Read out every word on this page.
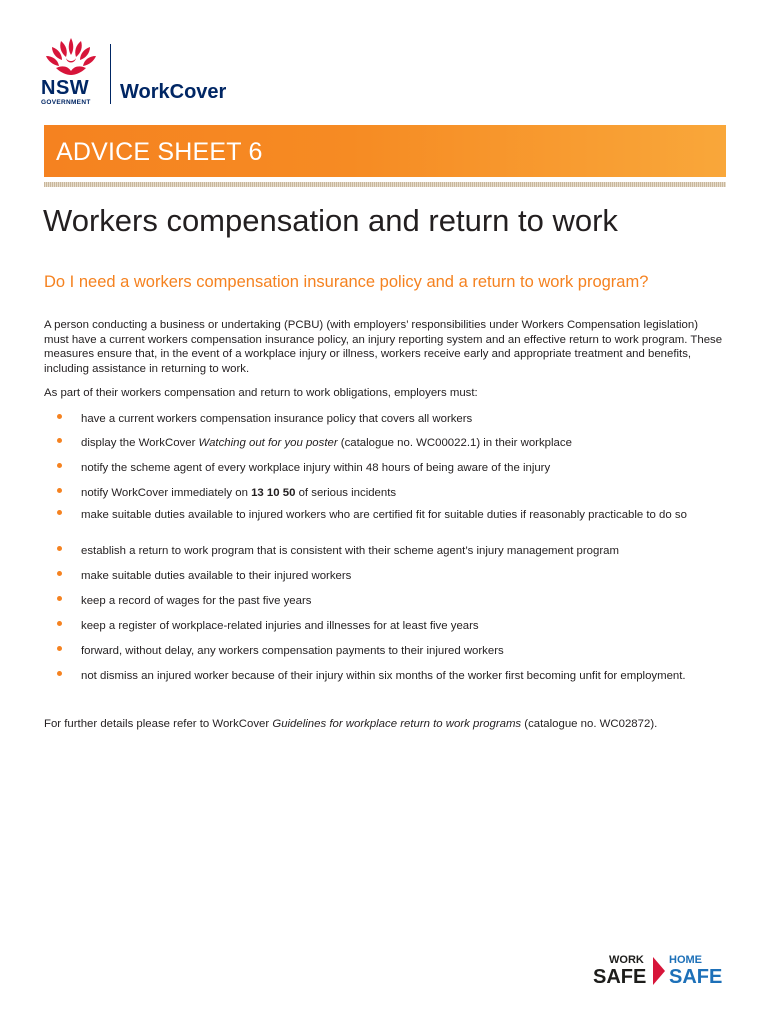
NSW
GOVERNMENT WorkCover
ADVICE SHEET 6
Workers compensation and return to work
Do I need a workers compensation insurance policy and a return to work program?

A person conducting a business or undertaking (PCBU) (with employers’ responsibilities under Workers Compensation legislation) must have a current workers compensation insurance policy, an injury reporting system and an effective return to work program. These measures ensure that, in the event of a workplace injury or illness, workers receive early and appropriate treatment and benefits, including assistance in returning to work.

As part of their workers compensation and return to work obligations, employers must:

have a current workers compensation insurance policy that covers all workers
display the WorkCover Watching out for you poster (catalogue no. WC00022.1) in their workplace
notify the scheme agent of every workplace injury within 48 hours of being aware of the injury
notify WorkCover immediately on 13 10 50 of serious incidents
make suitable duties available to injured workers who are certified fit for suitable duties if reasonably practicable to do so
establish a return to work program that is consistent with their scheme agent’s injury management program
make suitable duties available to their injured workers
keep a record of wages for the past five years
keep a register of workplace-related injuries and illnesses for at least five years
forward, without delay, any workers compensation payments to their injured workers
not dismiss an injured worker because of their injury within six months of the worker first becoming unfit for employment.

For further details please refer to WorkCover Guidelines for workplace return to work programs (catalogue no. WC02872).

WORK
SAFE
HOME
SAFE
